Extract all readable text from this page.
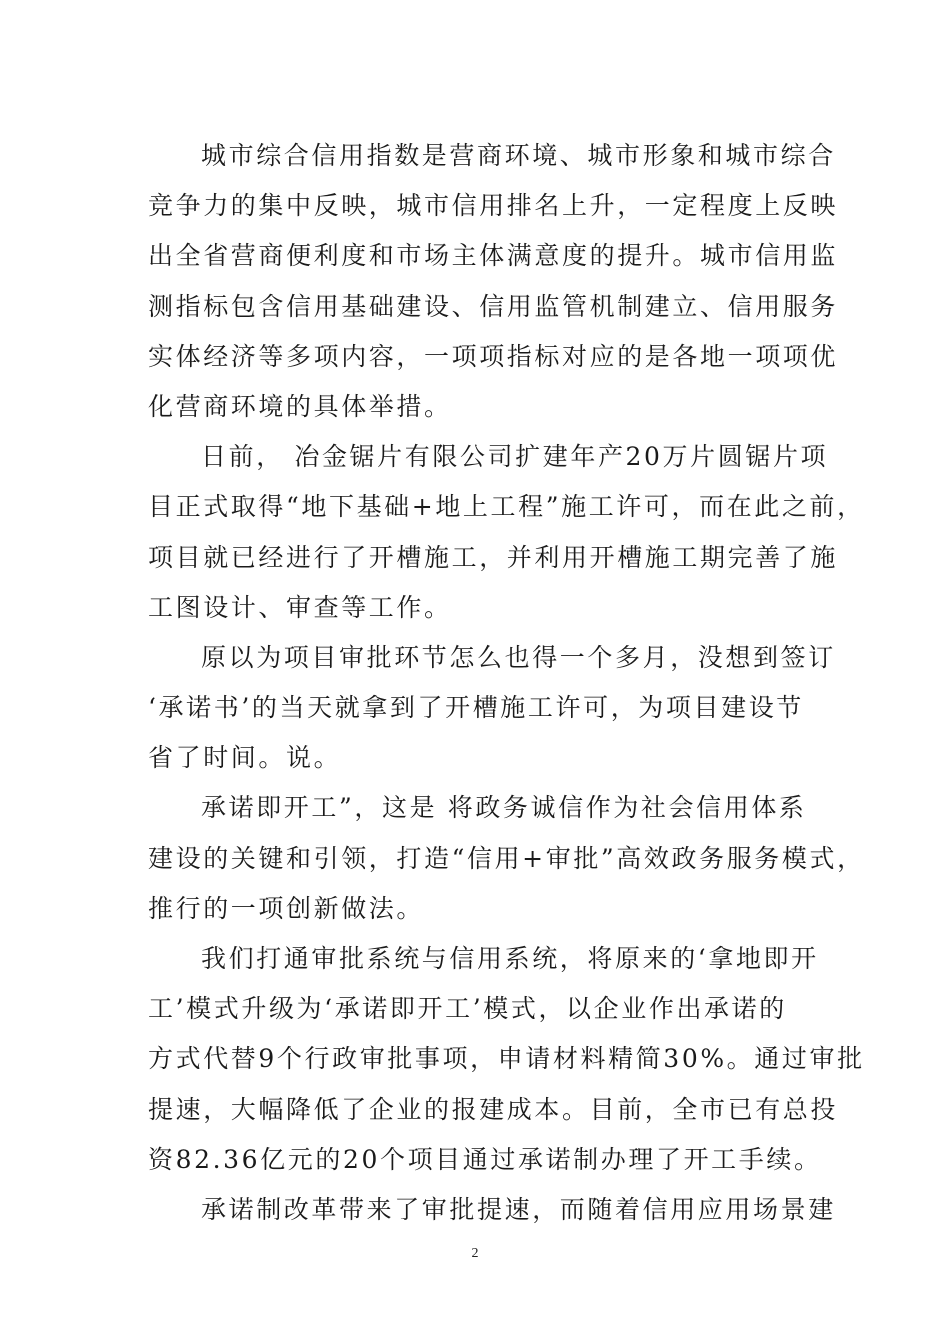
城市综合信用指数是营商环境、城市形象和城市综合
竞争力的集中反映，城市信用排名上升，一定程度上反映
出全省营商便利度和市场主体满意度的提升。城市信用监
测指标包含信用基础建设、信用监管机制建立、信用服务
实体经济等多项内容，一项项指标对应的是各地一项项优
化营商环境的具体举措。
日前， 冶金锯片有限公司扩建年产20万片圆锯片项
目正式取得“地下基础+地上工程”施工许可，而在此之前，
项目就已经进行了开槽施工，并利用开槽施工期完善了施
工图设计、审查等工作。
原以为项目审批环节怎么也得一个多月，没想到签订
‘承诺书’的当天就拿到了开槽施工许可，为项目建设节
省了时间。说。
承诺即开工”，这是 将政务诚信作为社会信用体系
建设的关键和引领，打造“信用+审批”高效政务服务模式，
推行的一项创新做法。
我们打通审批系统与信用系统，将原来的‘拿地即开
工’模式升级为‘承诺即开工’模式，以企业作出承诺的
方式代替9个行政审批事项，申请材料精简30%。通过审批
提速，大幅降低了企业的报建成本。目前，全市已有总投
资82.36亿元的20个项目通过承诺制办理了开工手续。
承诺制改革带来了审批提速，而随着信用应用场景建
2
